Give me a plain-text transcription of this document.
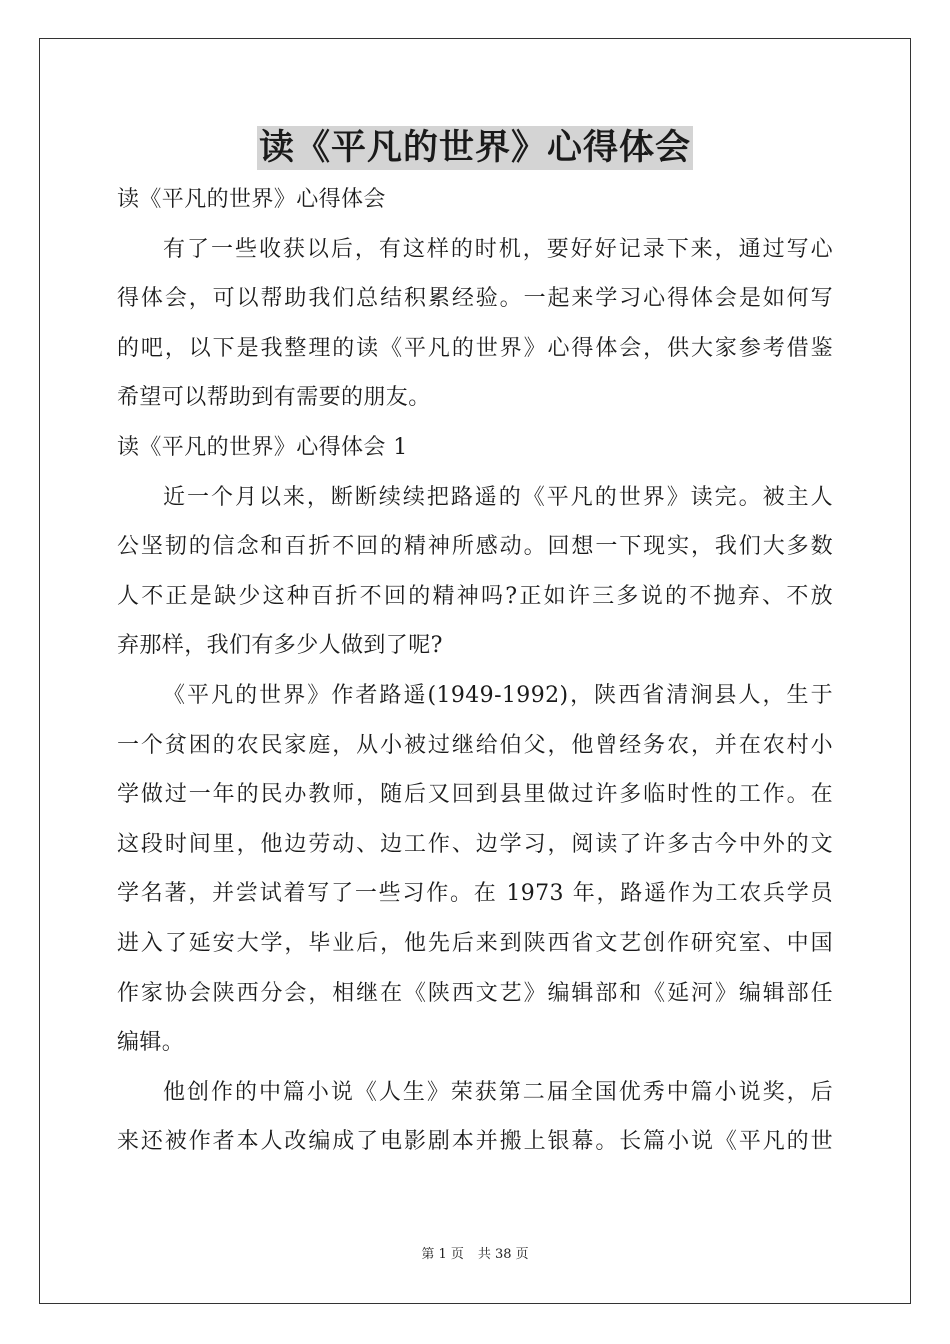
读《平凡的世界》心得体会
读《平凡的世界》心得体会
有了一些收获以后，有这样的时机，要好好记录下来，通过写心
得体会，可以帮助我们总结积累经验。一起来学习心得体会是如何写
的吧，以下是我整理的读《平凡的世界》心得体会，供大家参考借鉴
希望可以帮助到有需要的朋友。
读《平凡的世界》心得体会 1
近一个月以来，断断续续把路遥的《平凡的世界》读完。被主人
公坚韧的信念和百折不回的精神所感动。回想一下现实，我们大多数
人不正是缺少这种百折不回的精神吗?正如许三多说的不抛弃、不放
弃那样，我们有多少人做到了呢?
《平凡的世界》作者路遥(1949-1992)，陕西省清涧县人，生于
一个贫困的农民家庭，从小被过继给伯父，他曾经务农，并在农村小
学做过一年的民办教师，随后又回到县里做过许多临时性的工作。在
这段时间里，他边劳动、边工作、边学习，阅读了许多古今中外的文
学名著，并尝试着写了一些习作。在 1973 年，路遥作为工农兵学员
进入了延安大学，毕业后，他先后来到陕西省文艺创作研究室、中国
作家协会陕西分会，相继在《陕西文艺》编辑部和《延河》编辑部任
编辑。
他创作的中篇小说《人生》荣获第二届全国优秀中篇小说奖，后
来还被作者本人改编成了电影剧本并搬上银幕。长篇小说《平凡的世
第 1 页 共 38 页
